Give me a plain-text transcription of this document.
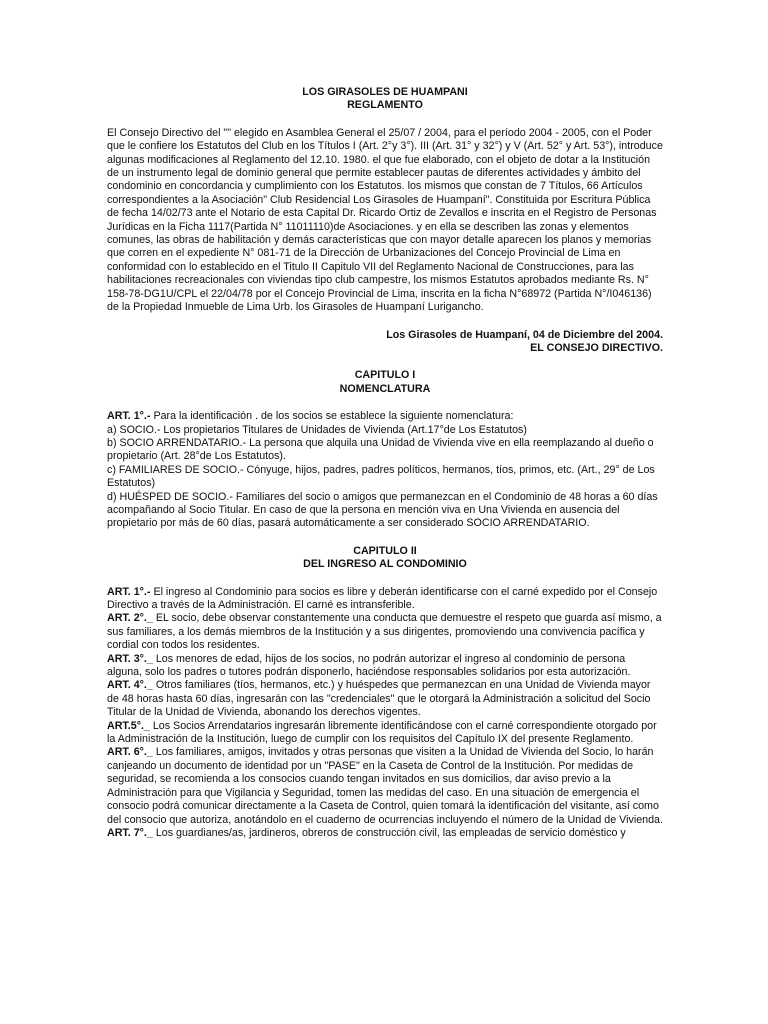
LOS GIRASOLES DE HUAMPANI
REGLAMENTO
El Consejo Directivo del "" elegido en Asamblea General el 25/07 / 2004, para el período 2004 - 2005, con el Poder que le confiere los Estatutos del Club en los Títulos I (Art. 2°y 3°). III (Art. 31° y 32°) y V (Art. 52° y Art. 53°), introduce algunas modificaciones al Reglamento del 12.10. 1980. el que fue elaborado, con el objeto de dotar a la Institución de un instrumento legal de dominio general que permite establecer pautas de diferentes actividades y ámbito del condominio en concordancia y cumplimiento con los Estatutos. los mismos que constan de 7 Títulos, 66 Artículos correspondientes a la Asociación" Club Residencial Los Girasoles de Huampaní". Constituida por Escritura Pública de fecha 14/02/73 ante el Notario de esta Capital Dr. Ricardo Ortiz de Zevallos e inscrita en el Registro de Personas Jurídicas en la Ficha 1117(Partida N° 11011110)de Asociaciones. y en ella se describen las zonas y elementos comunes, las obras de habilitación y demás características que con mayor detalle aparecen los planos y memorias que corren en el expediente N° 081-71 de la Dirección de Urbanizaciones del Concejo Provincial de Lima en conformidad con lo establecido en el Titulo II Capitulo VII del Reglamento Nacional de Construcciones, para las habilitaciones recreacionales con viviendas tipo club campestre, los mismos Estatutos aprobados mediante Rs. N° 158-78-DG1U/CPL el 22/04/78 por el Concejo Provincial de Lima, inscrita en la ficha N°68972 (Partida N°/I046136) de la Propiedad Inmueble de Lima Urb. los Girasoles de Huampaní Lurigancho.
Los Girasoles de Huampaní, 04 de Diciembre del 2004.
EL CONSEJO DIRECTIVO.
CAPITULO I
NOMENCLATURA
ART. 1°.- Para la identificación . de los socios se establece la siguiente nomenclatura:
a) SOCIO.- Los propietarios Titulares de Unidades de Vivienda (Art.17°de Los Estatutos)
b) SOCIO ARRENDATARIO.- La persona que alquila una Unidad de Vivienda vive en ella reemplazando al dueño o propietario (Art. 28°de Los Estatutos).
c) FAMILIARES DE SOCIO.- Cónyuge, hijos, padres, padres políticos, hermanos, tíos, primos, etc. (Art., 29° de Los Estatutos)
d) HUÉSPED DE SOCIO.- Familiares del socio o amigos que permanezcan en el Condominio de 48 horas a 60 días acompañando al Socio Titular. En caso de que la persona en mención viva en Una Vivienda en ausencia del propietario por más de 60 días, pasará automáticamente a ser considerado SOCIO ARRENDATARIO.
CAPITULO II
DEL INGRESO AL CONDOMINIO
ART. 1°.- El ingreso al Condominio para socios es libre y deberán identificarse con el carné expedido por el Consejo Directivo a través de la Administración. El carné es intransferible.
ART. 2°._ EL socio, debe observar constantemente una conducta que demuestre el respeto que guarda así mismo, a sus familiares, a los demás miembros de la Institución y a sus dirigentes, promoviendo una convivencia pacífica y cordial con todos los residentes.
ART. 3°._ Los menores de edad, hijos de los socios, no podrán autorizar el ingreso al condominio de persona alguna, solo los padres o tutores podrán disponerlo, haciéndose responsables solidarios por esta autorización.
ART. 4°._ Otros familiares (tíos, hermanos, etc.) y huéspedes que permanezcan en una Unidad de Vivienda mayor de 48 horas hasta 60 días, ingresarán con las "credenciales" que le otorgará la Administración a solicitud del Socio Titular de la Unidad de Vivienda, abonando los derechos vigentes.
ART.5°._ Los Socios Arrendatarios ingresarán libremente identificándose con el carné correspondiente otorgado por la Administración de la Institución, luego de cumplir con los requisitos del Capítulo IX del presente Reglamento.
ART. 6°._ Los familiares, amigos, invitados y otras personas que visiten a la Unidad de Vivienda del Socio, lo harán canjeando un documento de identidad por un "PASE" en la Caseta de Control de la Institución. Por medidas de seguridad, se recomienda a los consocios cuando tengan invitados en sus domicilios, dar aviso previo a la Administración para que Vigilancia y Seguridad, tomen las medidas del caso. En una situación de emergencia el consocio podrá comunicar directamente a la Caseta de Control, quien tomará la identificación del visitante, así como del consocio que autoriza, anotándolo en el cuaderno de ocurrencias incluyendo el número de la Unidad de Vivienda.
ART. 7°._ Los guardianes/as, jardineros, obreros de construcción civil, las empleadas de servicio doméstico y
